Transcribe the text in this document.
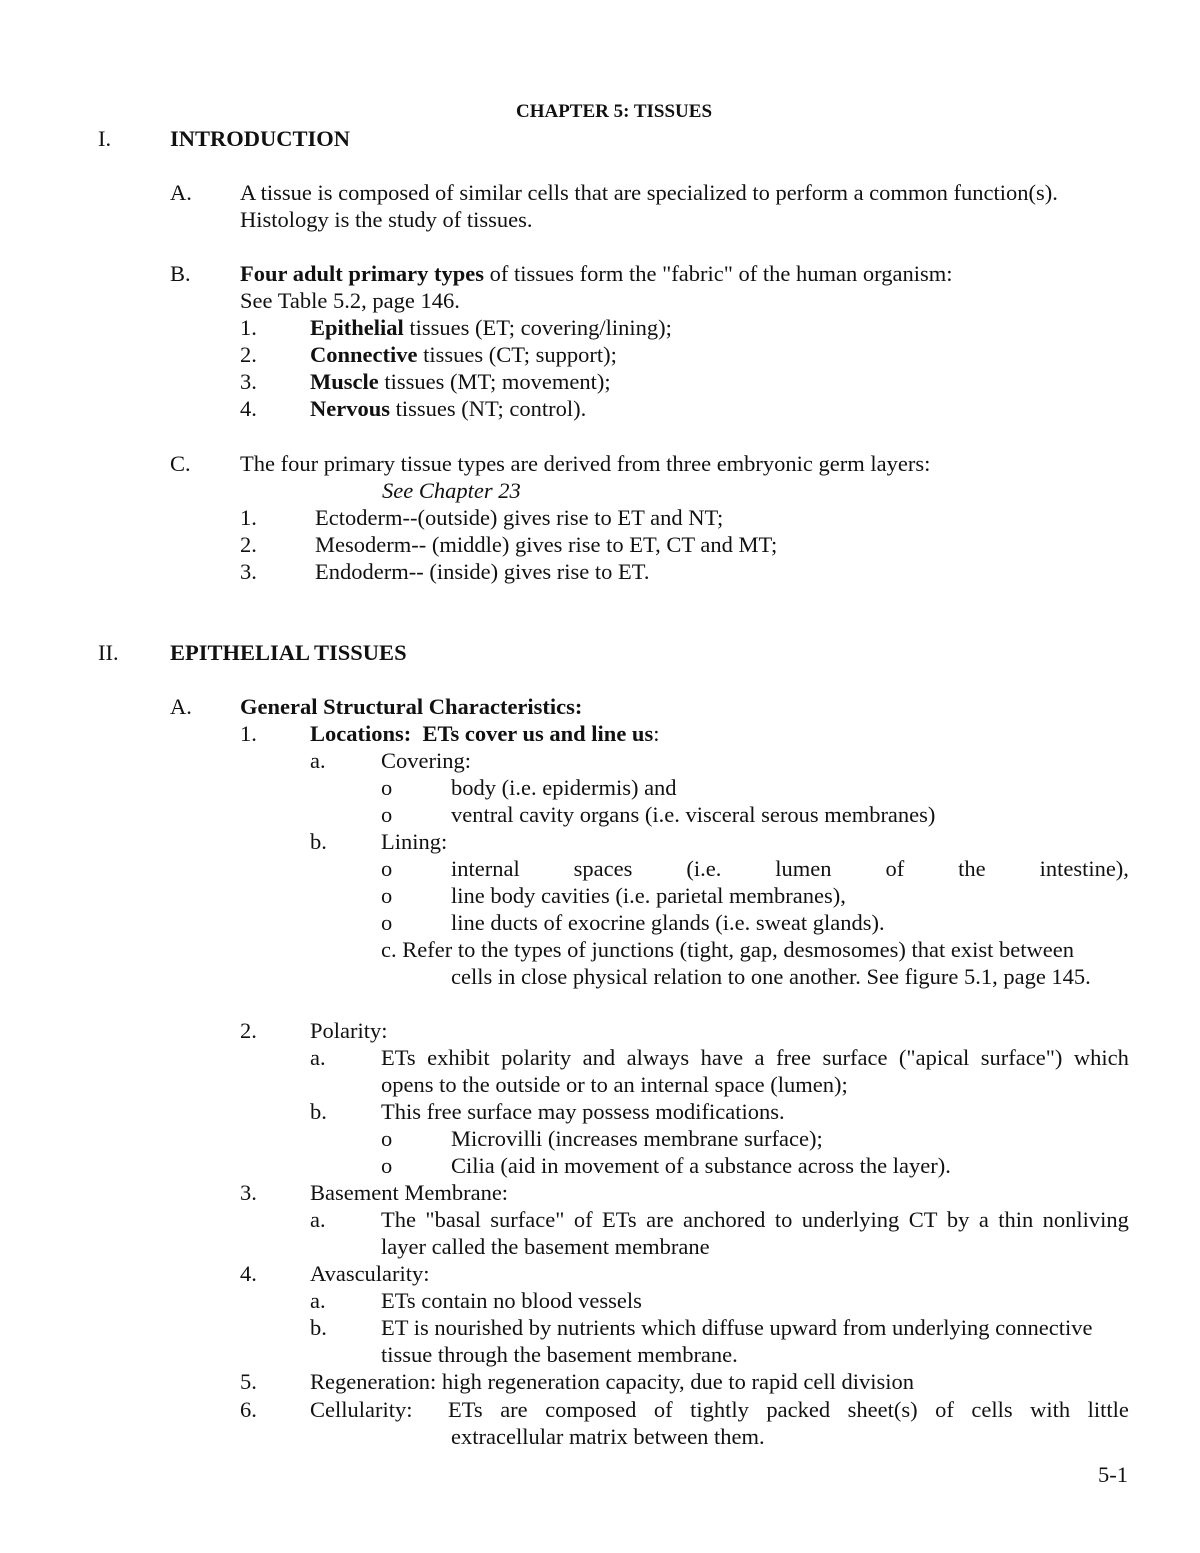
CHAPTER 5: TISSUES
I.	INTRODUCTION
A. A tissue is composed of similar cells that are specialized to perform a common function(s).
Histology is the study of tissues.
B. Four adult primary types of tissues form the "fabric" of the human organism:
See Table 5.2, page 146.
1. Epithelial tissues (ET; covering/lining);
2. Connective tissues (CT; support);
3. Muscle tissues (MT; movement);
4. Nervous tissues (NT; control).
C. The four primary tissue types are derived from three embryonic germ layers:
See Chapter 23
1.	Ectoderm--(outside) gives rise to ET and NT;
2.	Mesoderm-- (middle) gives rise to ET, CT and MT;
3.	Endoderm-- (inside) gives rise to ET.
II. EPITHELIAL TISSUES
A. General Structural Characteristics:
1. Locations:  ETs cover us and line us:
a. Covering:
o	body (i.e. epidermis) and
o	ventral cavity organs (i.e. visceral serous membranes)
b. Lining:
o	internal spaces (i.e. lumen of the intestine),
o	line body cavities (i.e. parietal membranes),
o	line ducts of exocrine glands (i.e. sweat glands).
c. Refer to the types of junctions (tight, gap, desmosomes) that exist between
cells in close physical relation to one another. See figure 5.1, page 145.
2. Polarity:
a. ETs exhibit polarity and always have a free surface ("apical surface") which
opens to the outside or to an internal space (lumen);
b. This free surface may possess modifications.
o	Microvilli (increases membrane surface);
o	Cilia (aid in movement of a substance across the layer).
3. Basement Membrane:
a. The "basal surface" of ETs are anchored to underlying CT by a thin nonliving
layer called the basement membrane
4. Avascularity:
a. ETs contain no blood vessels
b. ET is nourished by nutrients which diffuse upward from underlying connective
tissue through the basement membrane.
5. Regeneration: high regeneration capacity, due to rapid cell division
6. Cellularity: ETs are composed of tightly packed sheet(s) of cells with little
extracellular matrix between them.
5-1
